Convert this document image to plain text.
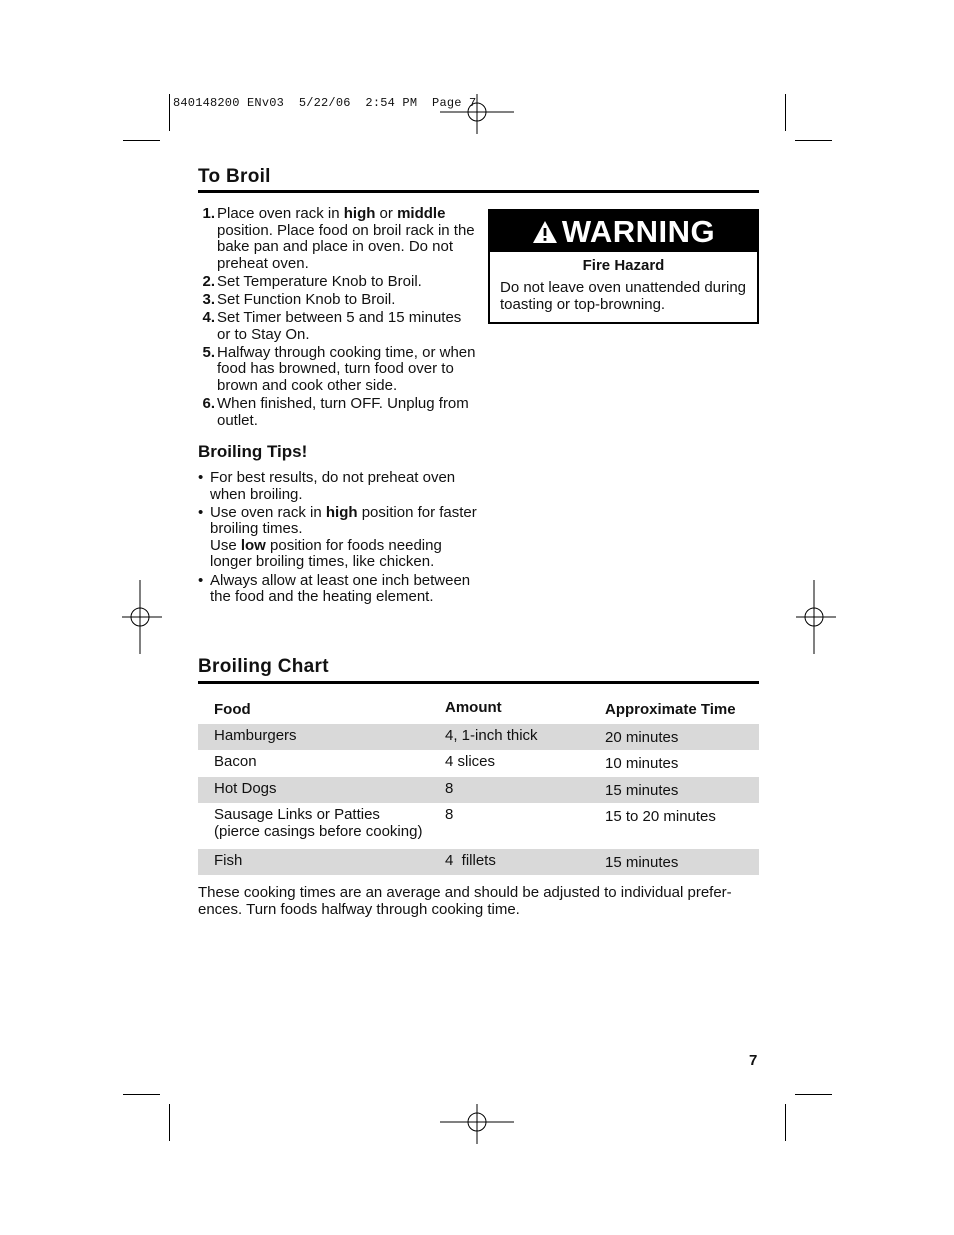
840148200 ENv03  5/22/06  2:54 PM  Page 7
To Broil
1. Place oven rack in high or middle position. Place food on broil rack in the bake pan and place in oven. Do not preheat oven.
2. Set Temperature Knob to Broil.
3. Set Function Knob to Broil.
4. Set Timer between 5 and 15 minutes or to Stay On.
5. Halfway through cooking time, or when food has browned, turn food over to brown and cook other side.
6. When finished, turn OFF. Unplug from outlet.
WARNING
Fire Hazard
Do not leave oven unattended during toasting or top-browning.
Broiling Tips!
• For best results, do not preheat oven when broiling.
• Use oven rack in high position for faster broiling times.
Use low position for foods needing longer broiling times, like chicken.
• Always allow at least one inch between the food and the heating element.
Broiling Chart
Food	Amount	Approximate Time
Hamburgers	4, 1-inch thick	20 minutes
Bacon	4 slices	10 minutes
Hot Dogs	8	15 minutes
Sausage Links or Patties
(pierce casings before cooking)	8	15 to 20 minutes
Fish	4  fillets	15 minutes
These cooking times are an average and should be adjusted to individual prefer- ences. Turn foods halfway through cooking time.
7
